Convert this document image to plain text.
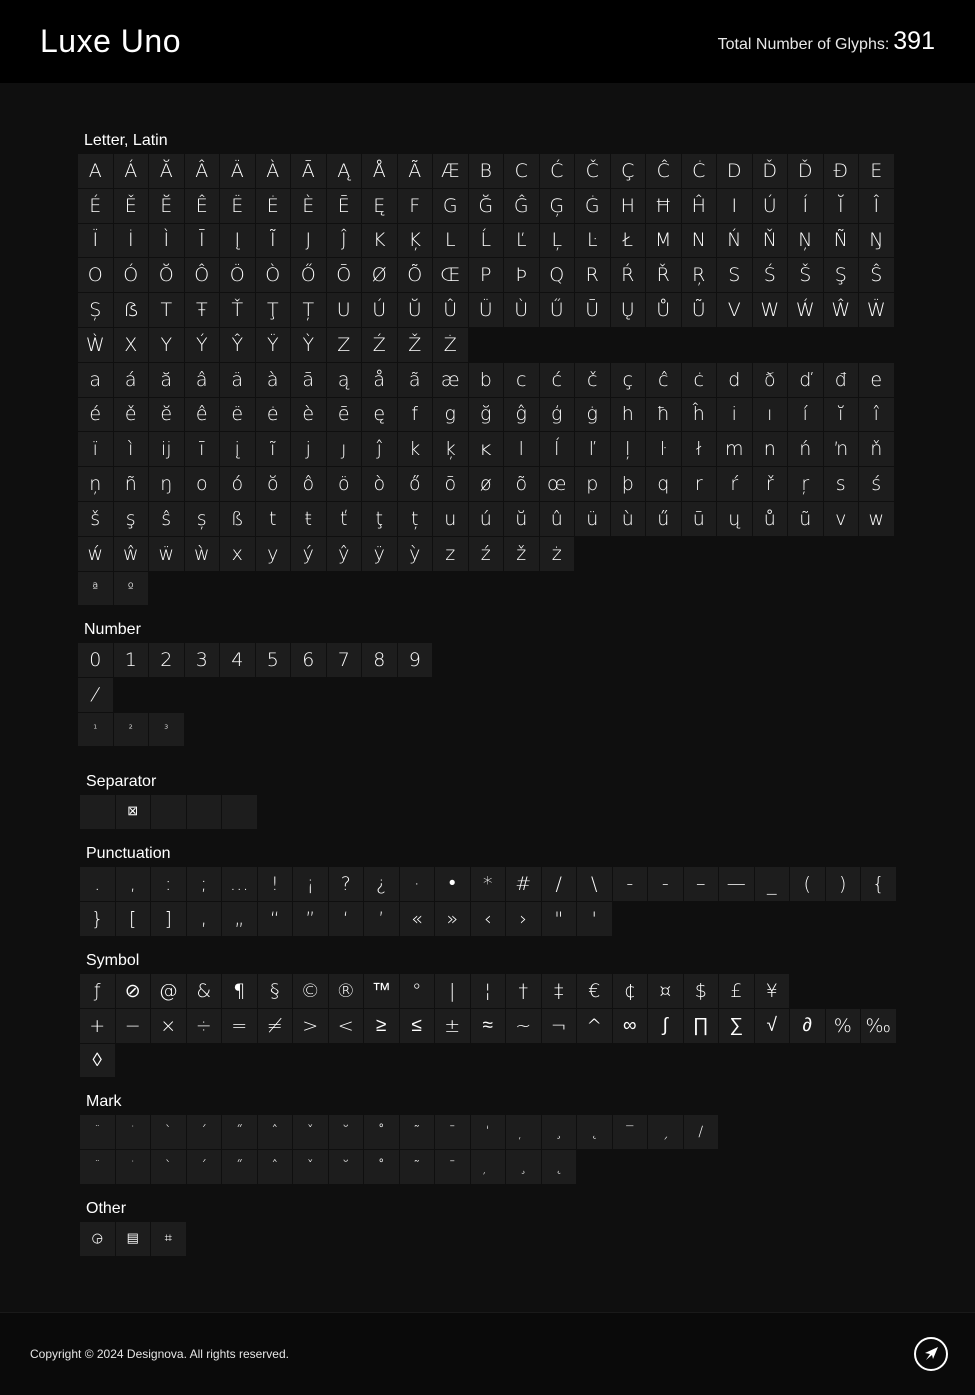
Luxe Uno	Total Number of Glyphs: 391
Letter, Latin
A	Á	Ă	Â	Ä	À	Ā	Ą	Å	Ã	Æ	B	C	Ć	Č	Ç	Ĉ	Ċ	D	Ď	Ď	Đ	E
É	Ě	Ĕ	Ê	Ë	Ė	È	Ē	Ę	F	G	Ğ	Ĝ	Ģ	Ġ	H	Ħ	Ĥ	I	Ú	Í	Ĭ	Î
Ï	İ	Ì	Ī	Į	Ĩ	J	Ĵ	K	Ķ	L	Ĺ	Ľ	Ļ	Ŀ	Ł	M	N	Ń	Ň	Ņ	Ñ	Ŋ
O	Ó	Ŏ	Ô	Ö	Ò	Ő	Ō	Ø	Õ Œ	P	Þ	Q	R	Ŕ	Ř	Ŗ	S	Ś	Š	Ş	Ŝ
Ș	ẞ	T	Ŧ	Ť	Ţ	Ț	U	Ú	Ŭ	Û	Ü	Ù	Ű	Ū	Ų	Ů	Ũ	V	W Ẃ Ŵ Ẅ
Ẁ	X	Y	Ý	Ŷ	Ÿ	Ỳ	Z	Ź	Ž	Ż
a	á	ă	â	ä	à	ā	ą	å	ã	æ	b	c	ć	č	ç	ĉ	ċ	d	ð	ď	đ	e
é	ě	ĕ	ê	ë	ė	è	ē	ę	f	g	ğ	ĝ	ģ	ġ	h	ħ	ĥ	i	ı	í	ĭ	î
ï	ì	ĳ	ī	į	ĩ	j	ȷ	ĵ	k	ķ	ĸ	l	ĺ	ľ	ļ	ŀ	ł	m	n	ń	ŉ	ň
ņ	ñ	ŋ	o	ó	ŏ	ô	ö	ò	ő	ō	ø	õ	œ	p	þ	q	r	ŕ	ř	ŗ	s	ś
š	ş	ŝ	ș	ß	t	ŧ	ť	ţ	ț	u	ú	ŭ	û	ü	ù	ű	ū	ų	ů	ũ	v	w
ẃ	ŵ	ẅ	ẁ	x	y	ý	ŷ	ÿ	ỳ	z	ź	ž	ż
ª	º
Number
0	1	2	3	4	5	6	7	8	9
⁄
¹	²	³
Separator
⊠
Punctuation
.	,	:	;	…	!	¡	?	¿	·	•	*	#	/	\	-	‐	–	—	_	(	)	{
}	[	]	‚	„	“	”	‘	’	«	»	‹	›	"	'
Symbol
ƒ	⊘ @ &	¶	§	© ® ™	°	|	¦	†	‡	€	¢	¤	$	£	¥
+	−	×	÷	=	≠	>	<	≥	≤	±	≈	~	¬	^	∞	∫	∏	∑	√	∂	% ‰
◊
Mark
¨	˙	`	´	˝	ˆ	ˇ	˘	˚	˜	¯	‘	¸	˛	‾	ˏ	∕
¨	˙	`	´	˝	ˆ	ˇ	˘	˚	˜	¯	¸	˛
Other
◶	▤	⌗
Copyright © 2024 Designova. All rights reserved.
